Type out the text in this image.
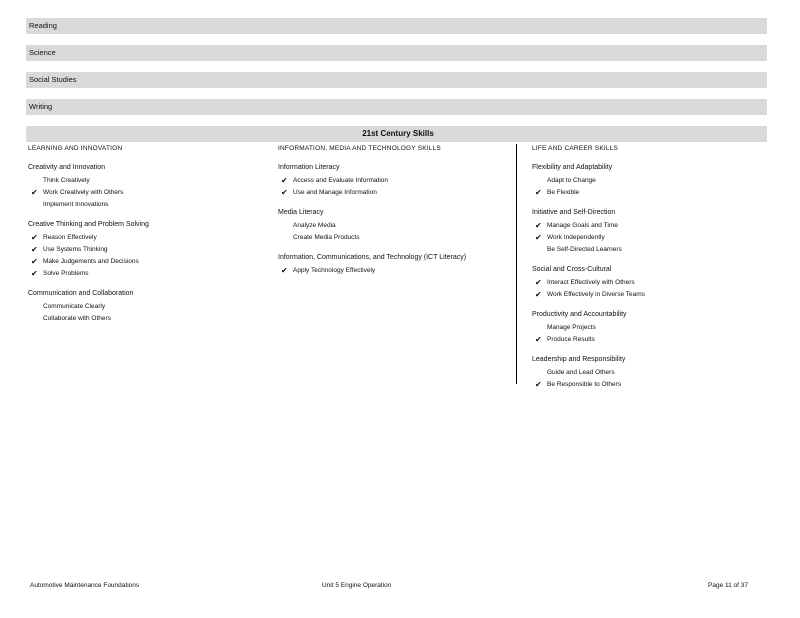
Reading
Science
Social Studies
Writing
21st Century Skills
LEARNING AND INNOVATION
Creativity and Innovation
Think Creatively
✔ Work Creatively with Others
Implement Innovations
Creative Thinking and Problem Solving
✔ Reason Effectively
✔ Use Systems Thinking
✔ Make Judgements and Decisions
✔ Solve Problems
Communication and Collaboration
Communicate Clearly
Collaborate with Others
INFORMATION, MEDIA AND TECHNOLOGY SKILLS
Information Literacy
✔ Access and Evaluate Information
✔ Use and Manage Information
Media Literacy
Analyze Media
Create Media Products
Information, Communications, and Technology (ICT Literacy)
✔ Apply Technology Effectively
LIFE AND CAREER SKILLS
Flexibility and Adaptability
Adapt to Change
✔ Be Flexible
Initiative and Self-Direction
✔ Manage Goals and Time
✔ Work Independently
Be Self-Directed Learners
Social and Cross-Cultural
✔ Interact Effectively with Others
✔ Work Effectively in Diverse Teams
Productivity and Accountability
Manage Projects
✔ Produce Results
Leadership and Responsibility
Guide and Lead Others
✔ Be Responsible to Others
Automotive Maintenance Foundations	Unit 5 Engine Operation	Page 11 of 37
